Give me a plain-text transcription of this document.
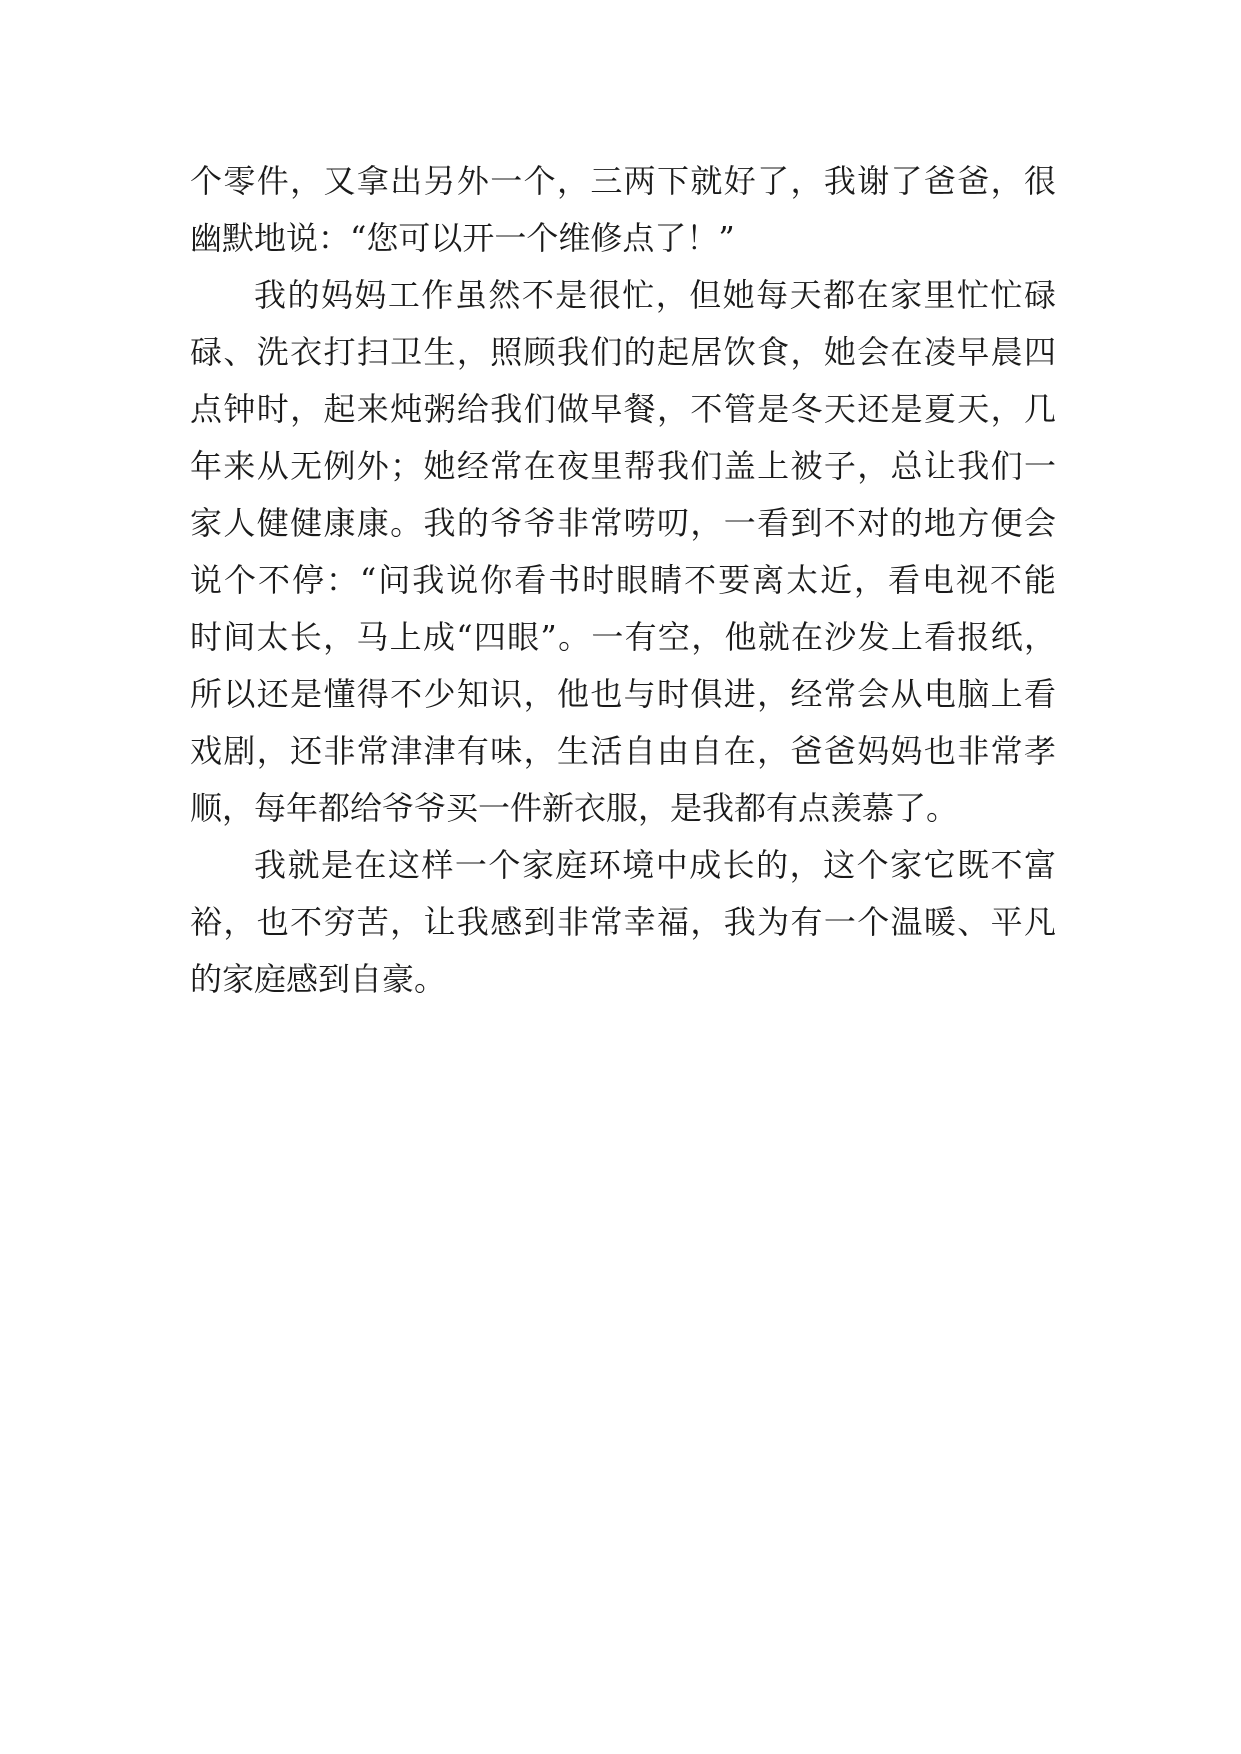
个零件，又拿出另外一个，三两下就好了，我谢了爸爸，很
幽默地说：“您可以开一个维修点了！”
我的妈妈工作虽然不是很忙，但她每天都在家里忙忙碌
碌、洗衣打扫卫生，照顾我们的起居饮食，她会在凌早晨四
点钟时，起来炖粥给我们做早餐，不管是冬天还是夏天，几
年来从无例外；她经常在夜里帮我们盖上被子，总让我们一
家人健健康康。我的爷爷非常唠叨，一看到不对的地方便会
说个不停：“问我说你看书时眼睛不要离太近，看电视不能
时间太长，马上成“四眼”。一有空，他就在沙发上看报纸，
所以还是懂得不少知识，他也与时俱进，经常会从电脑上看
戏剧，还非常津津有味，生活自由自在，爸爸妈妈也非常孝
顺，每年都给爷爷买一件新衣服，是我都有点羡慕了。
我就是在这样一个家庭环境中成长的，这个家它既不富
裕，也不穷苦，让我感到非常幸福，我为有一个温暖、平凡
的家庭感到自豪。
